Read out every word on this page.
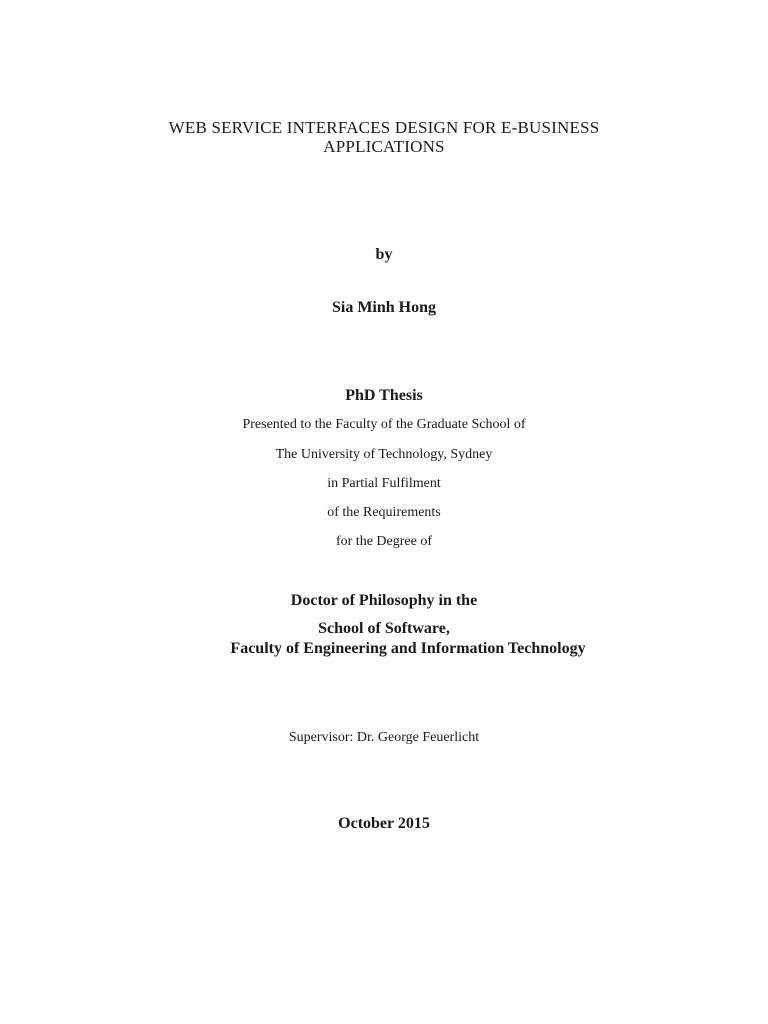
WEB SERVICE INTERFACES DESIGN FOR E-BUSINESS
APPLICATIONS
by
Sia Minh Hong
PhD Thesis
Presented to the Faculty of the Graduate School of
The University of Technology, Sydney
in Partial Fulfilment
of the Requirements
for the Degree of
Doctor of Philosophy in the
School of Software,
Faculty of Engineering and Information Technology
Supervisor: Dr. George Feuerlicht
October 2015
